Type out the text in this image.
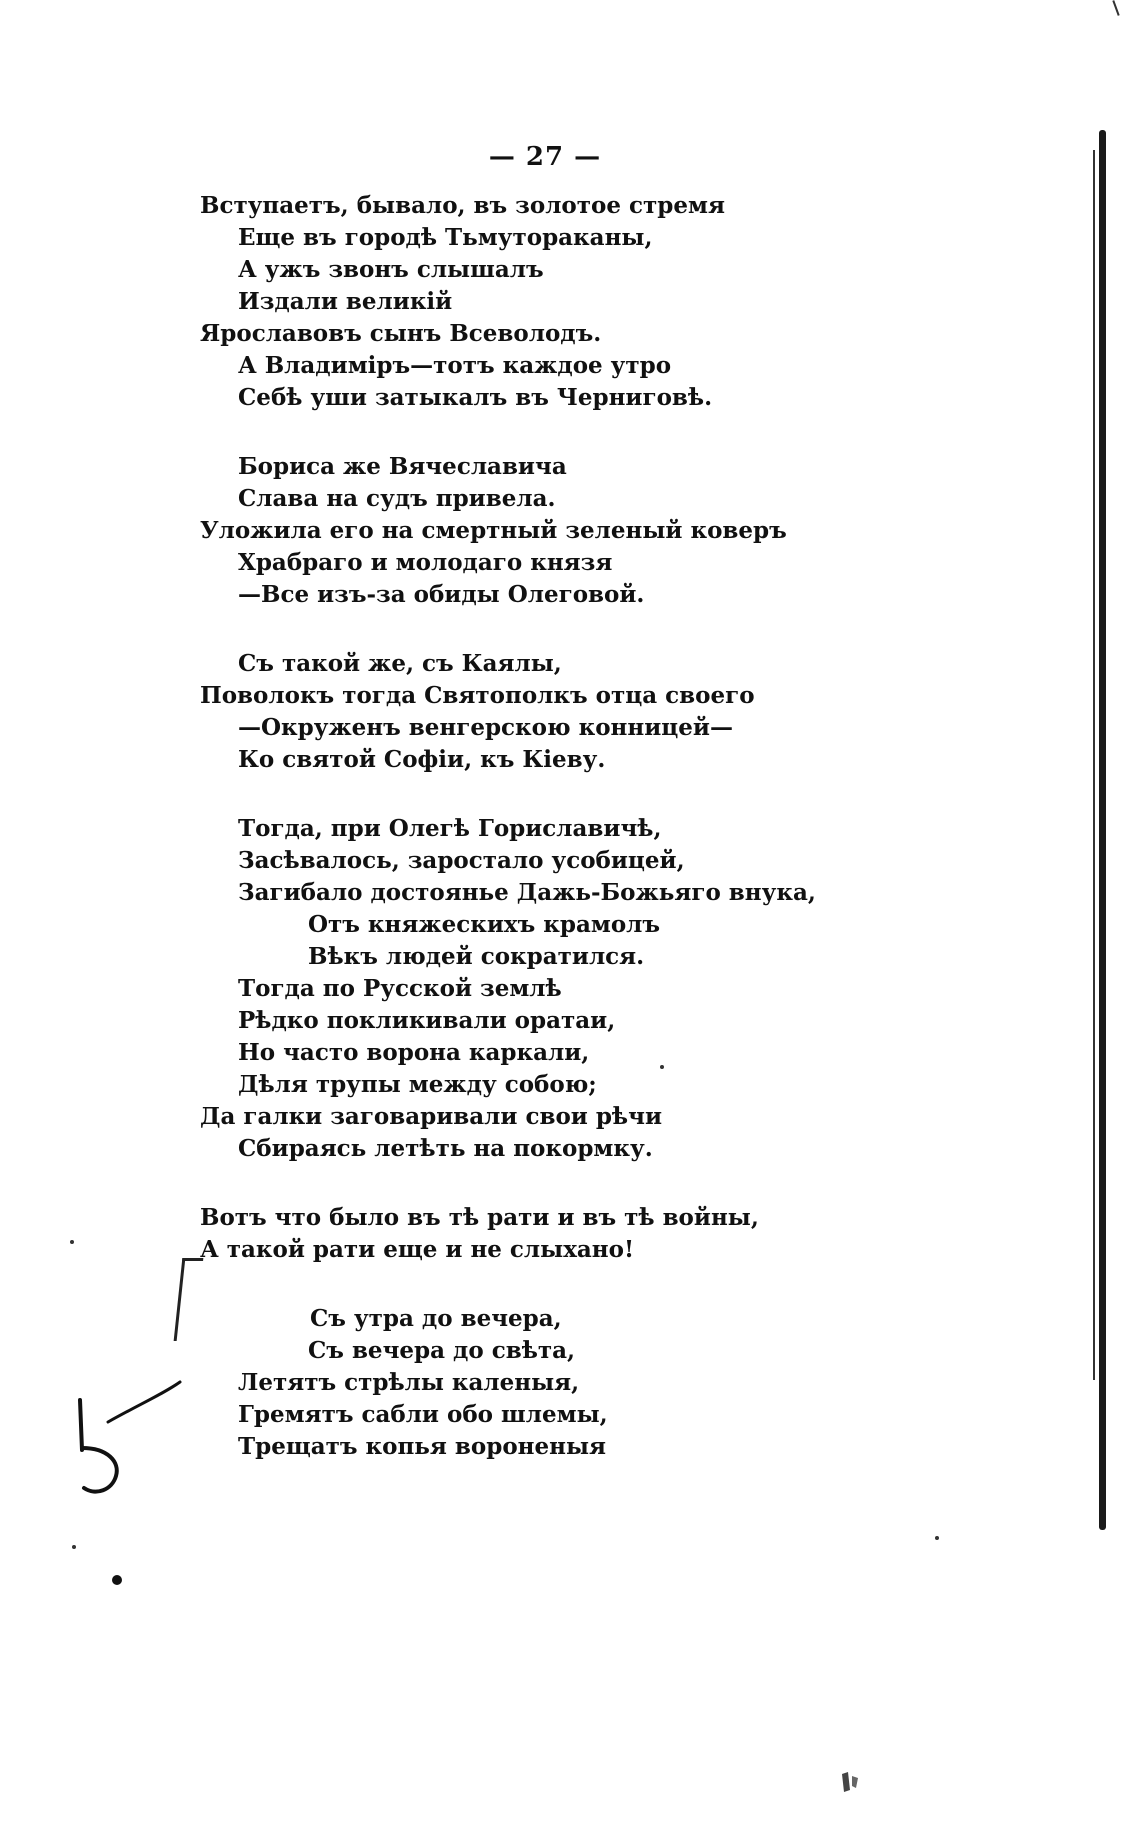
— 27 —
Вступаетъ, бывало, въ золотое стремя
Еще въ городѣ Тьмутораканы,
А ужъ звонъ слышалъ
Издали великій
Ярославовъ сынъ Всеволодъ.
А Владиміръ—тотъ каждое утро
Себѣ уши затыкалъ въ Черниговѣ.
Бориса же Вячеславича
Слава на судъ привела.
Уложила его на смертный зеленый коверъ
Храбраго и молодаго князя
—Все изъ-за обиды Олеговой.
Съ такой же, съ Каялы,
Поволокъ тогда Святополкъ отца своего
—Окруженъ венгерскою конницей—
Ко святой Софіи, къ Кіеву.
Тогда, при Олегѣ Гориславичѣ,
Засѣвалось, заростало усобицей,
Загибало достоянье Дажь-Божьяго внука,
Отъ княжескихъ крамолъ
Вѣкъ людей сократился.
Тогда по Русской землѣ
Рѣдко покликивали оратаи,
Но часто ворона каркали,
Дѣля трупы между собою;
Да галки заговаривали свои рѣчи
Сбираясь летѣть на покормку.
Вотъ что было въ тѣ рати и въ тѣ войны,
А такой рати еще и не слыхано!
Съ утра до вечера,
Съ вечера до свѣта,
Летятъ стрѣлы каленыя,
Гремятъ сабли обо шлемы,
Трещатъ копья вороненыя
